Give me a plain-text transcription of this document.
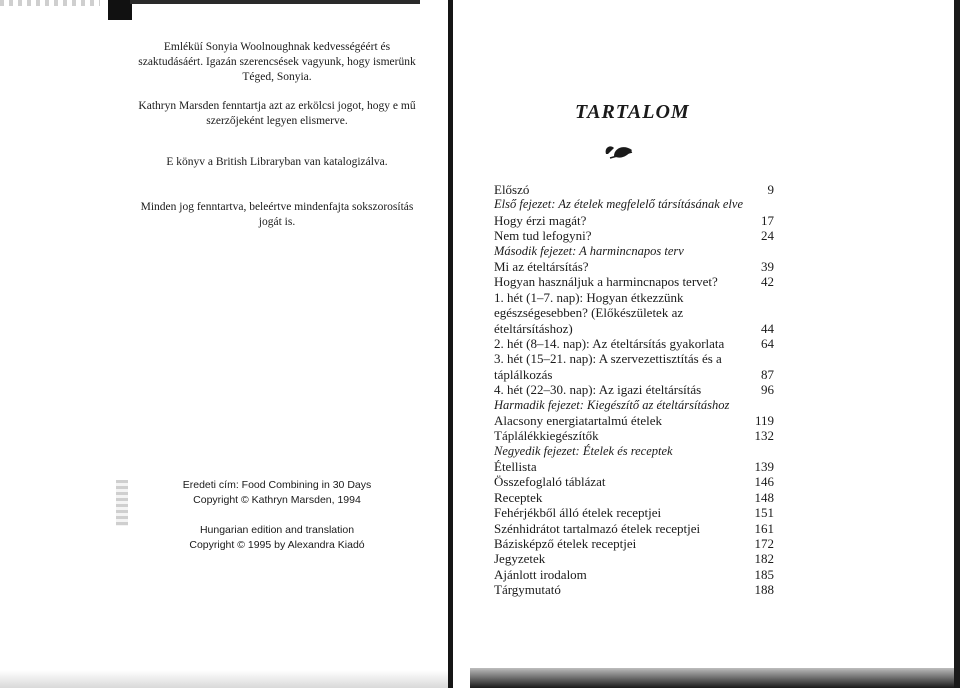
Emléküí Sonyia Woolnoughnak kedvességéért és

szaktudásáért. Igazán szerencsések vagyunk, hogy ismerünk

Téged, Sonyia.

Kathryn Marsden fenntartja azt az erkölcsi jogot, hogy e mű

szerzőjeként legyen elismerve.

E könyv a British Libraryban van katalogizálva.

Minden jog fenntartva, beleértve mindenfajta sokszorosítás

jogát is.

Eredeti cím: Food Combining in 30 Days

Copyright © Kathryn Marsden, 1994

Hungarian edition and translation

Copyright © 1995 by Alexandra Kiadó

TARTALOM
Előszó	9
Első fejezet: Az ételek megfelelő társításának elve
Hogy érzi magát?	17
Nem tud lefogyni?	24
Második fejezet: A harmincnapos terv
Mi az ételtársítás?	39
Hogyan használjuk a harmincnapos tervet?	42
1. hét (1–7. nap): Hogyan étkezzünk egészségesebben? (Előkészületek az ételtársításhoz)	44
2. hét (8–14. nap): Az ételtársítás gyakorlata	64
3. hét (15–21. nap): A szervezettisztítás és a táplálkozás	87
4. hét (22–30. nap): Az igazi ételtársítás	96
Harmadik fejezet: Kiegészítő az ételtársításhoz
Alacsony energiatartalmú ételek	119
Táplálékkiegészítők	132
Negyedik fejezet: Ételek és receptek
Étellista	139
Összefoglaló táblázat	146
Receptek	148
Fehérjékből álló ételek receptjei	151
Szénhidrátot tartalmazó ételek receptjei	161
Bázisképző ételek receptjei	172
Jegyzetek	182
Ajánlott irodalom	185
Tárgymutató	188
